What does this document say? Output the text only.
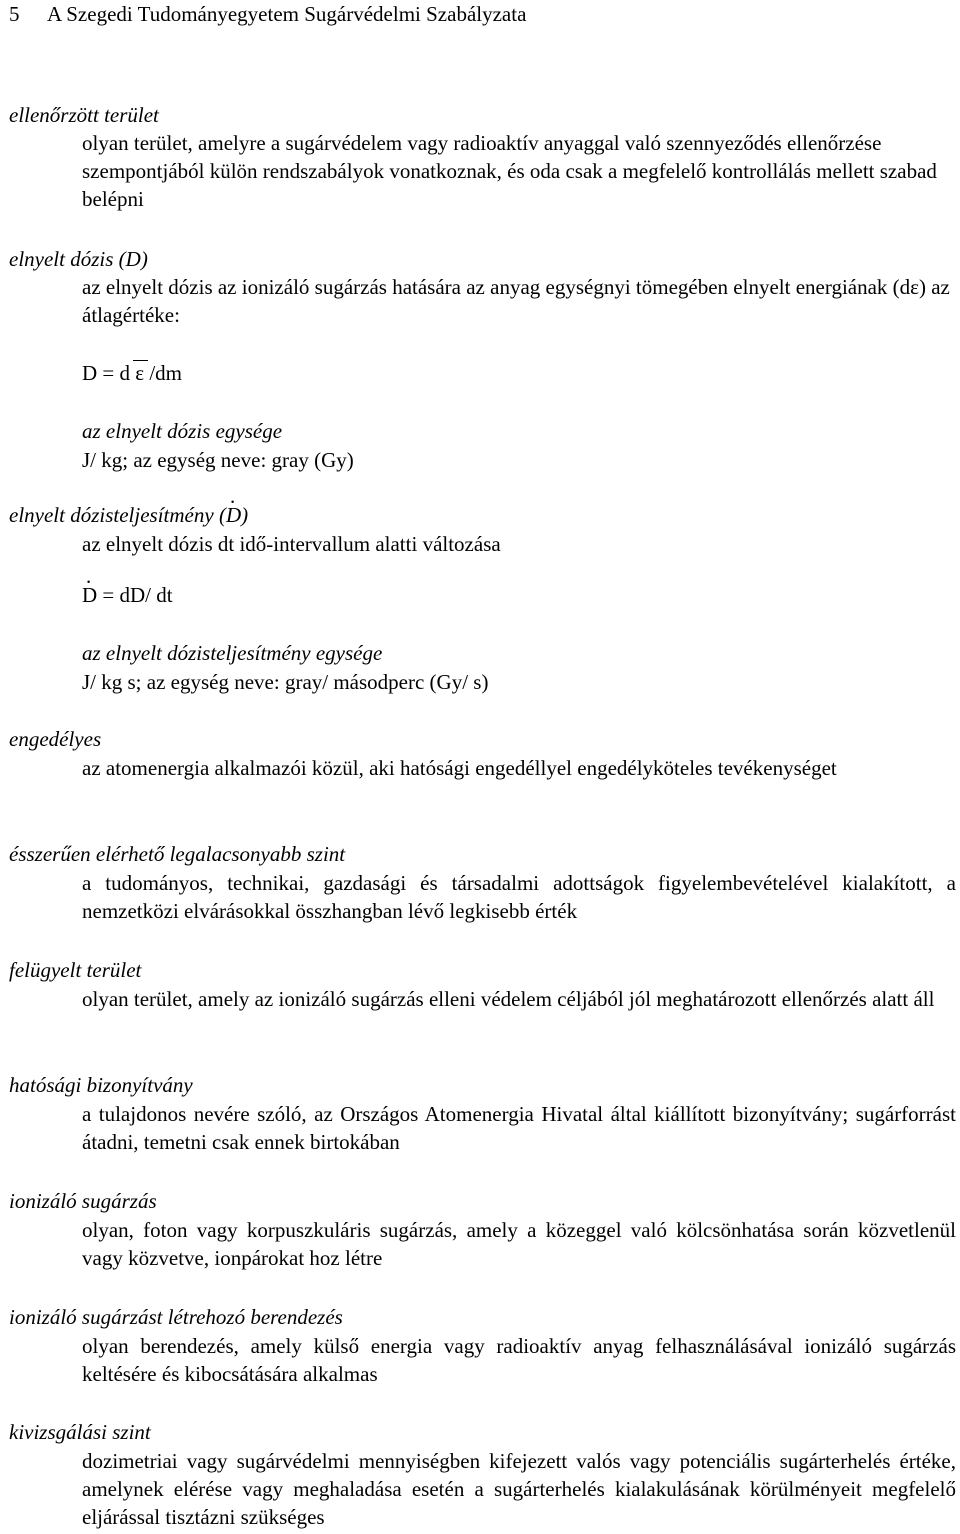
5 A Szegedi Tudományegyetem Sugárvédelmi Szabályzata
ellenőrzött terület
olyan terület, amelyre a sugárvédelem vagy radioaktív anyaggal való szennyeződés ellenőrzése szempontjából külön rendszabályok vonatkoznak, és oda csak a megfelelő kontrollálás mellett szabad belépni
elnyelt dózis (D)
az elnyelt dózis az ionizáló sugárzás hatására az anyag egységnyi tömegében elnyelt energiának (dε) az átlagértéke:
D = d ε /dm
az elnyelt dózis egysége
J/ kg; az egység neve: gray (Gy)
elnyelt dózisteljesítmény (. D)
az elnyelt dózis dt idő-intervallum alatti változása
. D = dD/ dt
az elnyelt dózisteljesítmény egysége
J/ kg s; az egység neve: gray/ másodperc (Gy/ s)
engedélyes
az atomenergia alkalmazói közül, aki hatósági engedéllyel engedélyköteles tevékenységet
ésszerűen elérhető legalacsonyabb szint
a tudományos, technikai, gazdasági és társadalmi adottságok figyelembevételével kialakított, a nemzetközi elvárásokkal összhangban lévő legkisebb érték
felügyelt terület
olyan terület, amely az ionizáló sugárzás elleni védelem céljából jól meghatározott ellenőrzés alatt áll
hatósági bizonyítvány
a tulajdonos nevére szóló, az Országos Atomenergia Hivatal által kiállított bizonyítvány; sugárforrást átadni, temetni csak ennek birtokában
ionizáló sugárzás
olyan, foton vagy korpuszkuláris sugárzás, amely a közeggel való kölcsönhatása során közvetlenül vagy közvetve, ionpárokat hoz létre
ionizáló sugárzást létrehozó berendezés
olyan berendezés, amely külső energia vagy radioaktív anyag felhasználásával ionizáló sugárzás keltésére és kibocsátására alkalmas
kivizsgálási szint
dozimetriai vagy sugárvédelmi mennyiségben kifejezett valós vagy potenciális sugárterhelés értéke, amelynek elérése vagy meghaladása esetén a sugárterhelés kialakulásának körülményeit megfelelő eljárással tisztázni szükséges
